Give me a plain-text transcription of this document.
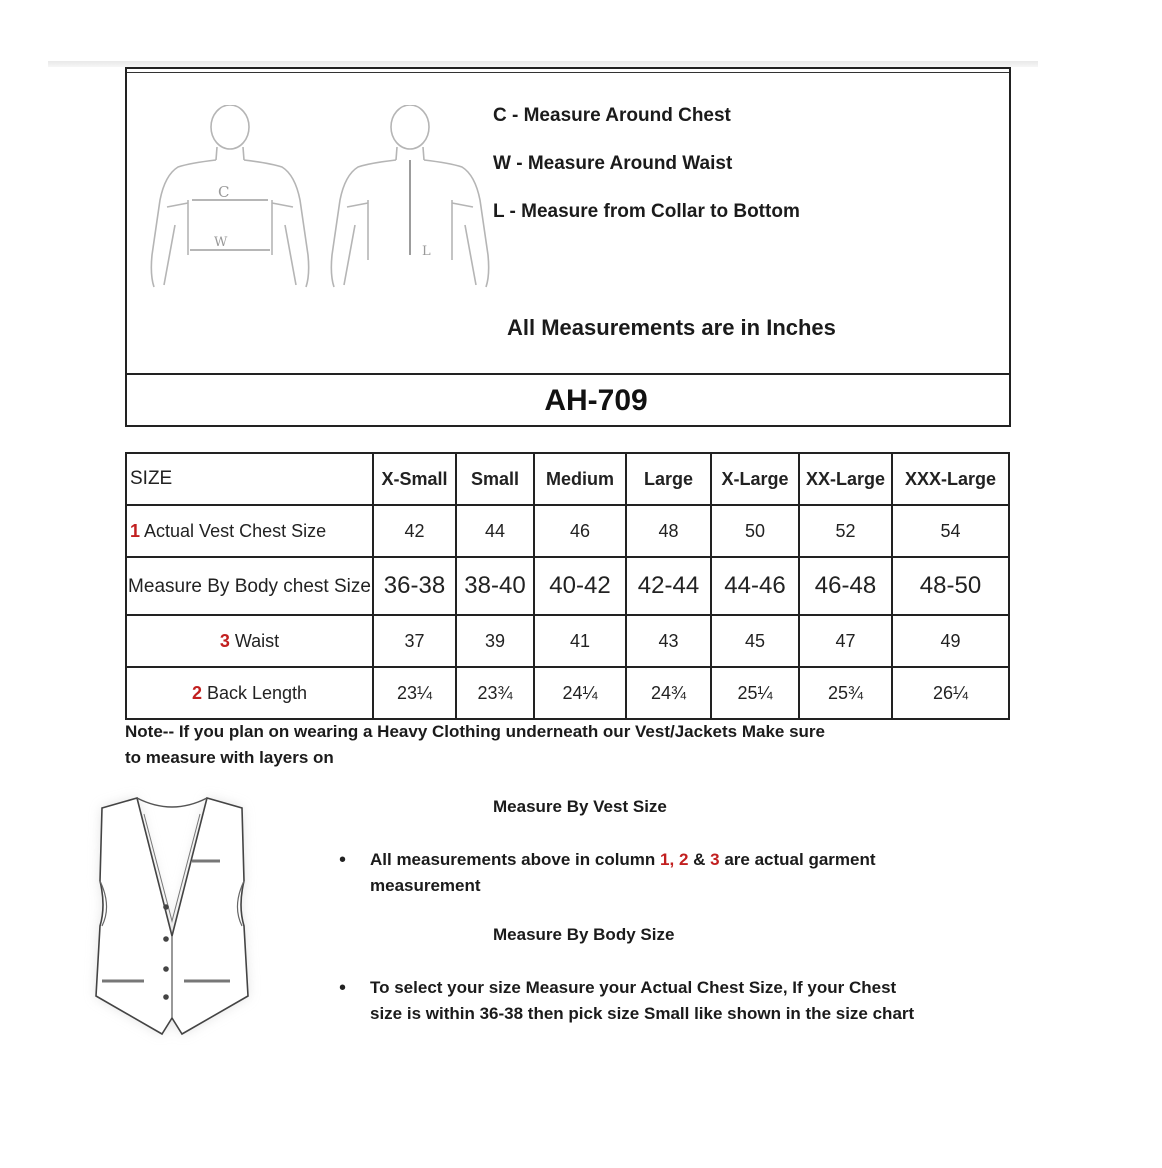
C
W
L
C - Measure Around Chest
W - Measure Around Waist
L - Measure from Collar to Bottom
All Measurements are in Inches
AH-709
SIZE	X-Small	Small	Medium	Large	X-Large	XX-Large	XXX-Large
1 Actual Vest Chest Size	42	44	46	48	50	52	54
Measure By Body chest Size	36-38	38-40	40-42	42-44	44-46	46-48	48-50
3 Waist	37	39	41	43	45	47	49
2 Back Length	23¼	23¾	24¼	24¾	25¼	25¾	26¼
Note-- If you plan on wearing a Heavy Clothing underneath our Vest/Jackets Make sure
to measure with layers on
Measure By Vest Size
• All measurements above in column 1, 2 & 3 are actual garment measurement
Measure By Body Size
• To select your size Measure your Actual Chest Size, If your Chest size is within 36-38 then pick size Small like shown in the size chart
